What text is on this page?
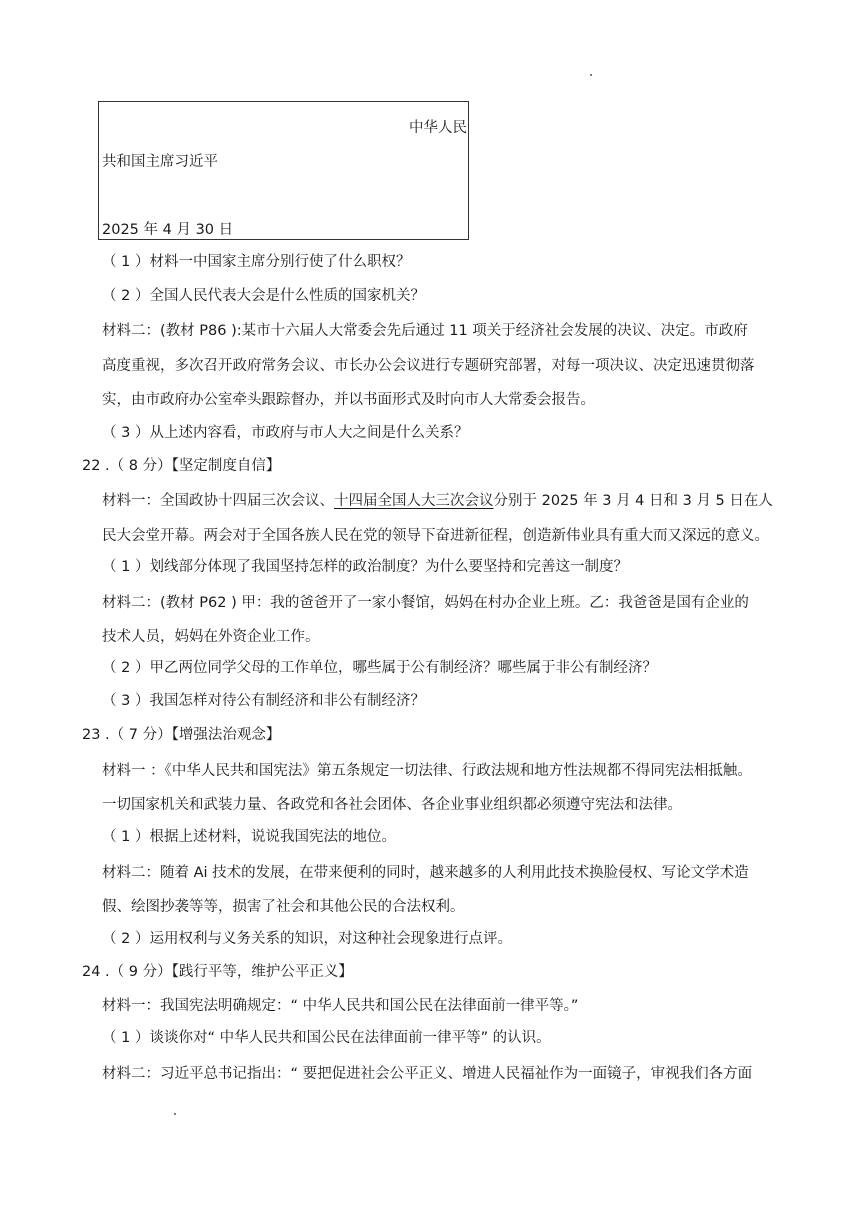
中华人民
共和国主席习近平
2025 年 4 月 30 日
（ 1 ）材料一中国家主席分别行使了什么职权？
（ 2 ）全国人民代表大会是什么性质的国家机关？
材料二：(教材 P86 ):某市十六届人大常委会先后通过 11 项关于经济社会发展的决议、决定。市政府
高度重视，多次召开政府常务会议、市长办公会议进行专题研究部署，对每一项决议、决定迅速贯彻落
实，由市政府办公室牵头跟踪督办，并以书面形式及时向市人大常委会报告。
（ 3 ）从上述内容看，市政府与市人大之间是什么关系？
22 .（ 8 分）【坚定制度自信】
材料一：全国政协十四届三次会议、十四届全国人大三次会议分别于 2025 年 3 月 4 日和 3 月 5 日在人
民大会堂开幕。两会对于全国各族人民在党的领导下奋进新征程，创造新伟业具有重大而又深远的意义。
（ 1 ）划线部分体现了我国坚持怎样的政治制度？为什么要坚持和完善这一制度？
材料二：(教材 P62 ) 甲：我的爸爸开了一家小餐馆，妈妈在村办企业上班。乙：我爸爸是国有企业的
技术人员，妈妈在外资企业工作。
（ 2 ）甲乙两位同学父母的工作单位，哪些属于公有制经济？哪些属于非公有制经济？
（ 3 ）我国怎样对待公有制经济和非公有制经济？
23 .（ 7 分）【增强法治观念】
材料一 ：《中华人民共和国宪法》第五条规定一切法律、行政法规和地方性法规都不得同宪法相抵触。
一切国家机关和武装力量、各政党和各社会团体、各企业事业组织都必须遵守宪法和法律。
（ 1 ）根据上述材料，说说我国宪法的地位。
材料二：随着 Ai 技术的发展，在带来便利的同时，越来越多的人利用此技术换脸侵权、写论文学术造
假、绘图抄袭等等，损害了社会和其他公民的合法权利。
（ 2 ）运用权利与义务关系的知识，对这种社会现象进行点评。
24 .（ 9 分）【践行平等，维护公平正义】
材料一：我国宪法明确规定：“ 中华人民共和国公民在法律面前一律平等。”
（ 1 ）谈谈你对“ 中华人民共和国公民在法律面前一律平等” 的认识。
材料二：习近平总书记指出：“ 要把促进社会公平正义、增进人民福祉作为一面镜子，审视我们各方面
